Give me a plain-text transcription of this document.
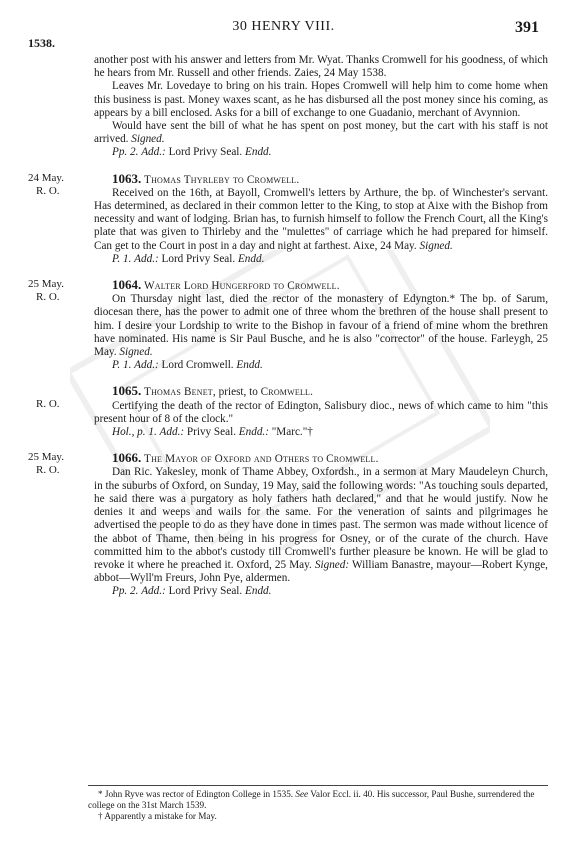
30 HENRY VIII.	391
1538.

another post with his answer and letters from Mr. Wyat. Thanks Cromwell for his goodness, of which he hears from Mr. Russell and other friends. Zaies, 24 May 1538.

Leaves Mr. Lovedaye to bring on his train. Hopes Cromwell will help him to come home when this business is past. Money waxes scant, as he has disbursed all the post money since his coming, as appears by a bill enclosed. Asks for a bill of exchange to one Guadanio, merchant of Avynnion.

Would have sent the bill of what he has spent on post money, but the cart with his staff is not arrived. Signed.

Pp. 2. Add.: Lord Privy Seal. Endd.

24 May.
R. O.

1063. Thomas Thyrleby to Cromwell.

Received on the 16th, at Bayoll, Cromwell's letters by Arthure, the bp. of Winchester's servant. Has determined, as declared in their common letter to the King, to stop at Aixe with the Bishop from necessity and want of lodging. Brian has, to furnish himself to follow the French Court, all the King's plate that was given to Thirleby and the "mulettes" of carriage which he had prepared for himself. Can get to the Court in post in a day and night at farthest. Aixe, 24 May. Signed.

P. 1. Add.: Lord Privy Seal. Endd.

25 May.
R. O.

1064. Walter Lord Hungerford to Cromwell.

On Thursday night last, died the rector of the monastery of Edyngton.* The bp. of Sarum, diocesan there, has the power to admit one of three whom the brethren of the house shall present to him. I desire your Lordship to write to the Bishop in favour of a friend of mine whom the brethren have nominated. His name is Sir Paul Busche, and he is also "corrector" of the house. Farleygh, 25 May. Signed.

P. 1. Add.: Lord Cromwell. Endd.

R. O.

1065. Thomas Benet, priest, to Cromwell.

Certifying the death of the rector of Edington, Salisbury dioc., news of which came to him "this present hour of 8 of the clock."

Hol., p. 1. Add.: Privy Seal. Endd.: "Marc."†

25 May.
R. O.

1066. The Mayor of Oxford and Others to Cromwell.

Dan Ric. Yakesley, monk of Thame Abbey, Oxfordsh., in a sermon at Mary Maudeleyn Church, in the suburbs of Oxford, on Sunday, 19 May, said the following words: "As touching souls departed, he said there was a purgatory as holy fathers hath declared," and that he would justify. Now he denies it and weeps and wails for the same. For the veneration of saints and pilgrimages he advertised the people to do as they have done in times past. The sermon was made without licence of the abbot of Thame, then being in his progress for Osney, or of the curate of the church. Have committed him to the abbot's custody till Cromwell's further pleasure be known. He will be glad to revoke it where he preached it. Oxford, 25 May. Signed: William Banastre, mayour—Robert Kynge, abbot—Wyll'm Freurs, John Pye, aldermen.

Pp. 2. Add.: Lord Privy Seal. Endd.

* John Ryve was rector of Edington College in 1535. See Valor Eccl. ii. 40. His successor, Paul Bushe, surrendered the college on the 31st March 1539.

† Apparently a mistake for May.
